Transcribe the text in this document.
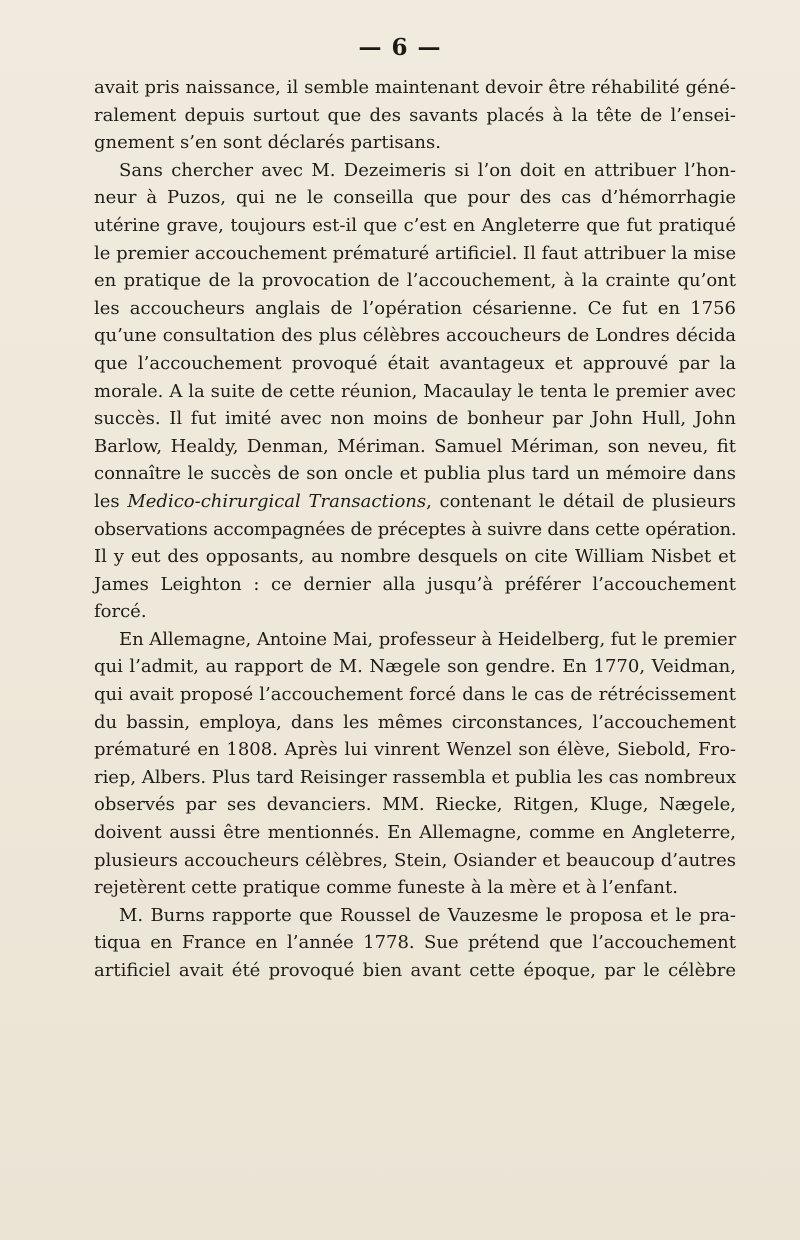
— 6 —
avait pris naissance, il semble maintenant devoir être réhabilité géné-
ralement depuis surtout que des savants placés à la tête de l’ensei-
gnement s’en sont déclarés partisans.
Sans chercher avec M. Dezeimeris si l’on doit en attribuer l’hon-
neur à Puzos, qui ne le conseilla que pour des cas d’hémorrhagie
utérine grave, toujours est-il que c’est en Angleterre que fut pratiqué
le premier accouchement prématuré artificiel. Il faut attribuer la mise
en pratique de la provocation de l’accouchement, à la crainte qu’ont
les accoucheurs anglais de l’opération césarienne. Ce fut en 1756
qu’une consultation des plus célèbres accoucheurs de Londres décida
que l’accouchement provoqué était avantageux et approuvé par la
morale. A la suite de cette réunion, Macaulay le tenta le premier avec
succès. Il fut imité avec non moins de bonheur par John Hull, John
Barlow, Healdy, Denman, Mériman. Samuel Mériman, son neveu, fit
connaître le succès de son oncle et publia plus tard un mémoire dans
les Medico-chirurgical Transactions, contenant le détail de plusieurs
observations accompagnées de préceptes à suivre dans cette opération.
Il y eut des opposants, au nombre desquels on cite William Nisbet et
James Leighton : ce dernier alla jusqu’à préférer l’accouchement
forcé.
En Allemagne, Antoine Mai, professeur à Heidelberg, fut le premier
qui l’admit, au rapport de M. Nægele son gendre. En 1770, Veidman,
qui avait proposé l’accouchement forcé dans le cas de rétrécissement
du bassin, employa, dans les mêmes circonstances, l’accouchement
prématuré en 1808. Après lui vinrent Wenzel son élève, Siebold, Fro-
riep, Albers. Plus tard Reisinger rassembla et publia les cas nombreux
observés par ses devanciers. MM. Riecke, Ritgen, Kluge, Nægele,
doivent aussi être mentionnés. En Allemagne, comme en Angleterre,
plusieurs accoucheurs célèbres, Stein, Osiander et beaucoup d’autres
rejetèrent cette pratique comme funeste à la mère et à l’enfant.
M. Burns rapporte que Roussel de Vauzesme le proposa et le pra-
tiqua en France en l’année 1778. Sue prétend que l’accouchement
artificiel avait été provoqué bien avant cette époque, par le célèbre
